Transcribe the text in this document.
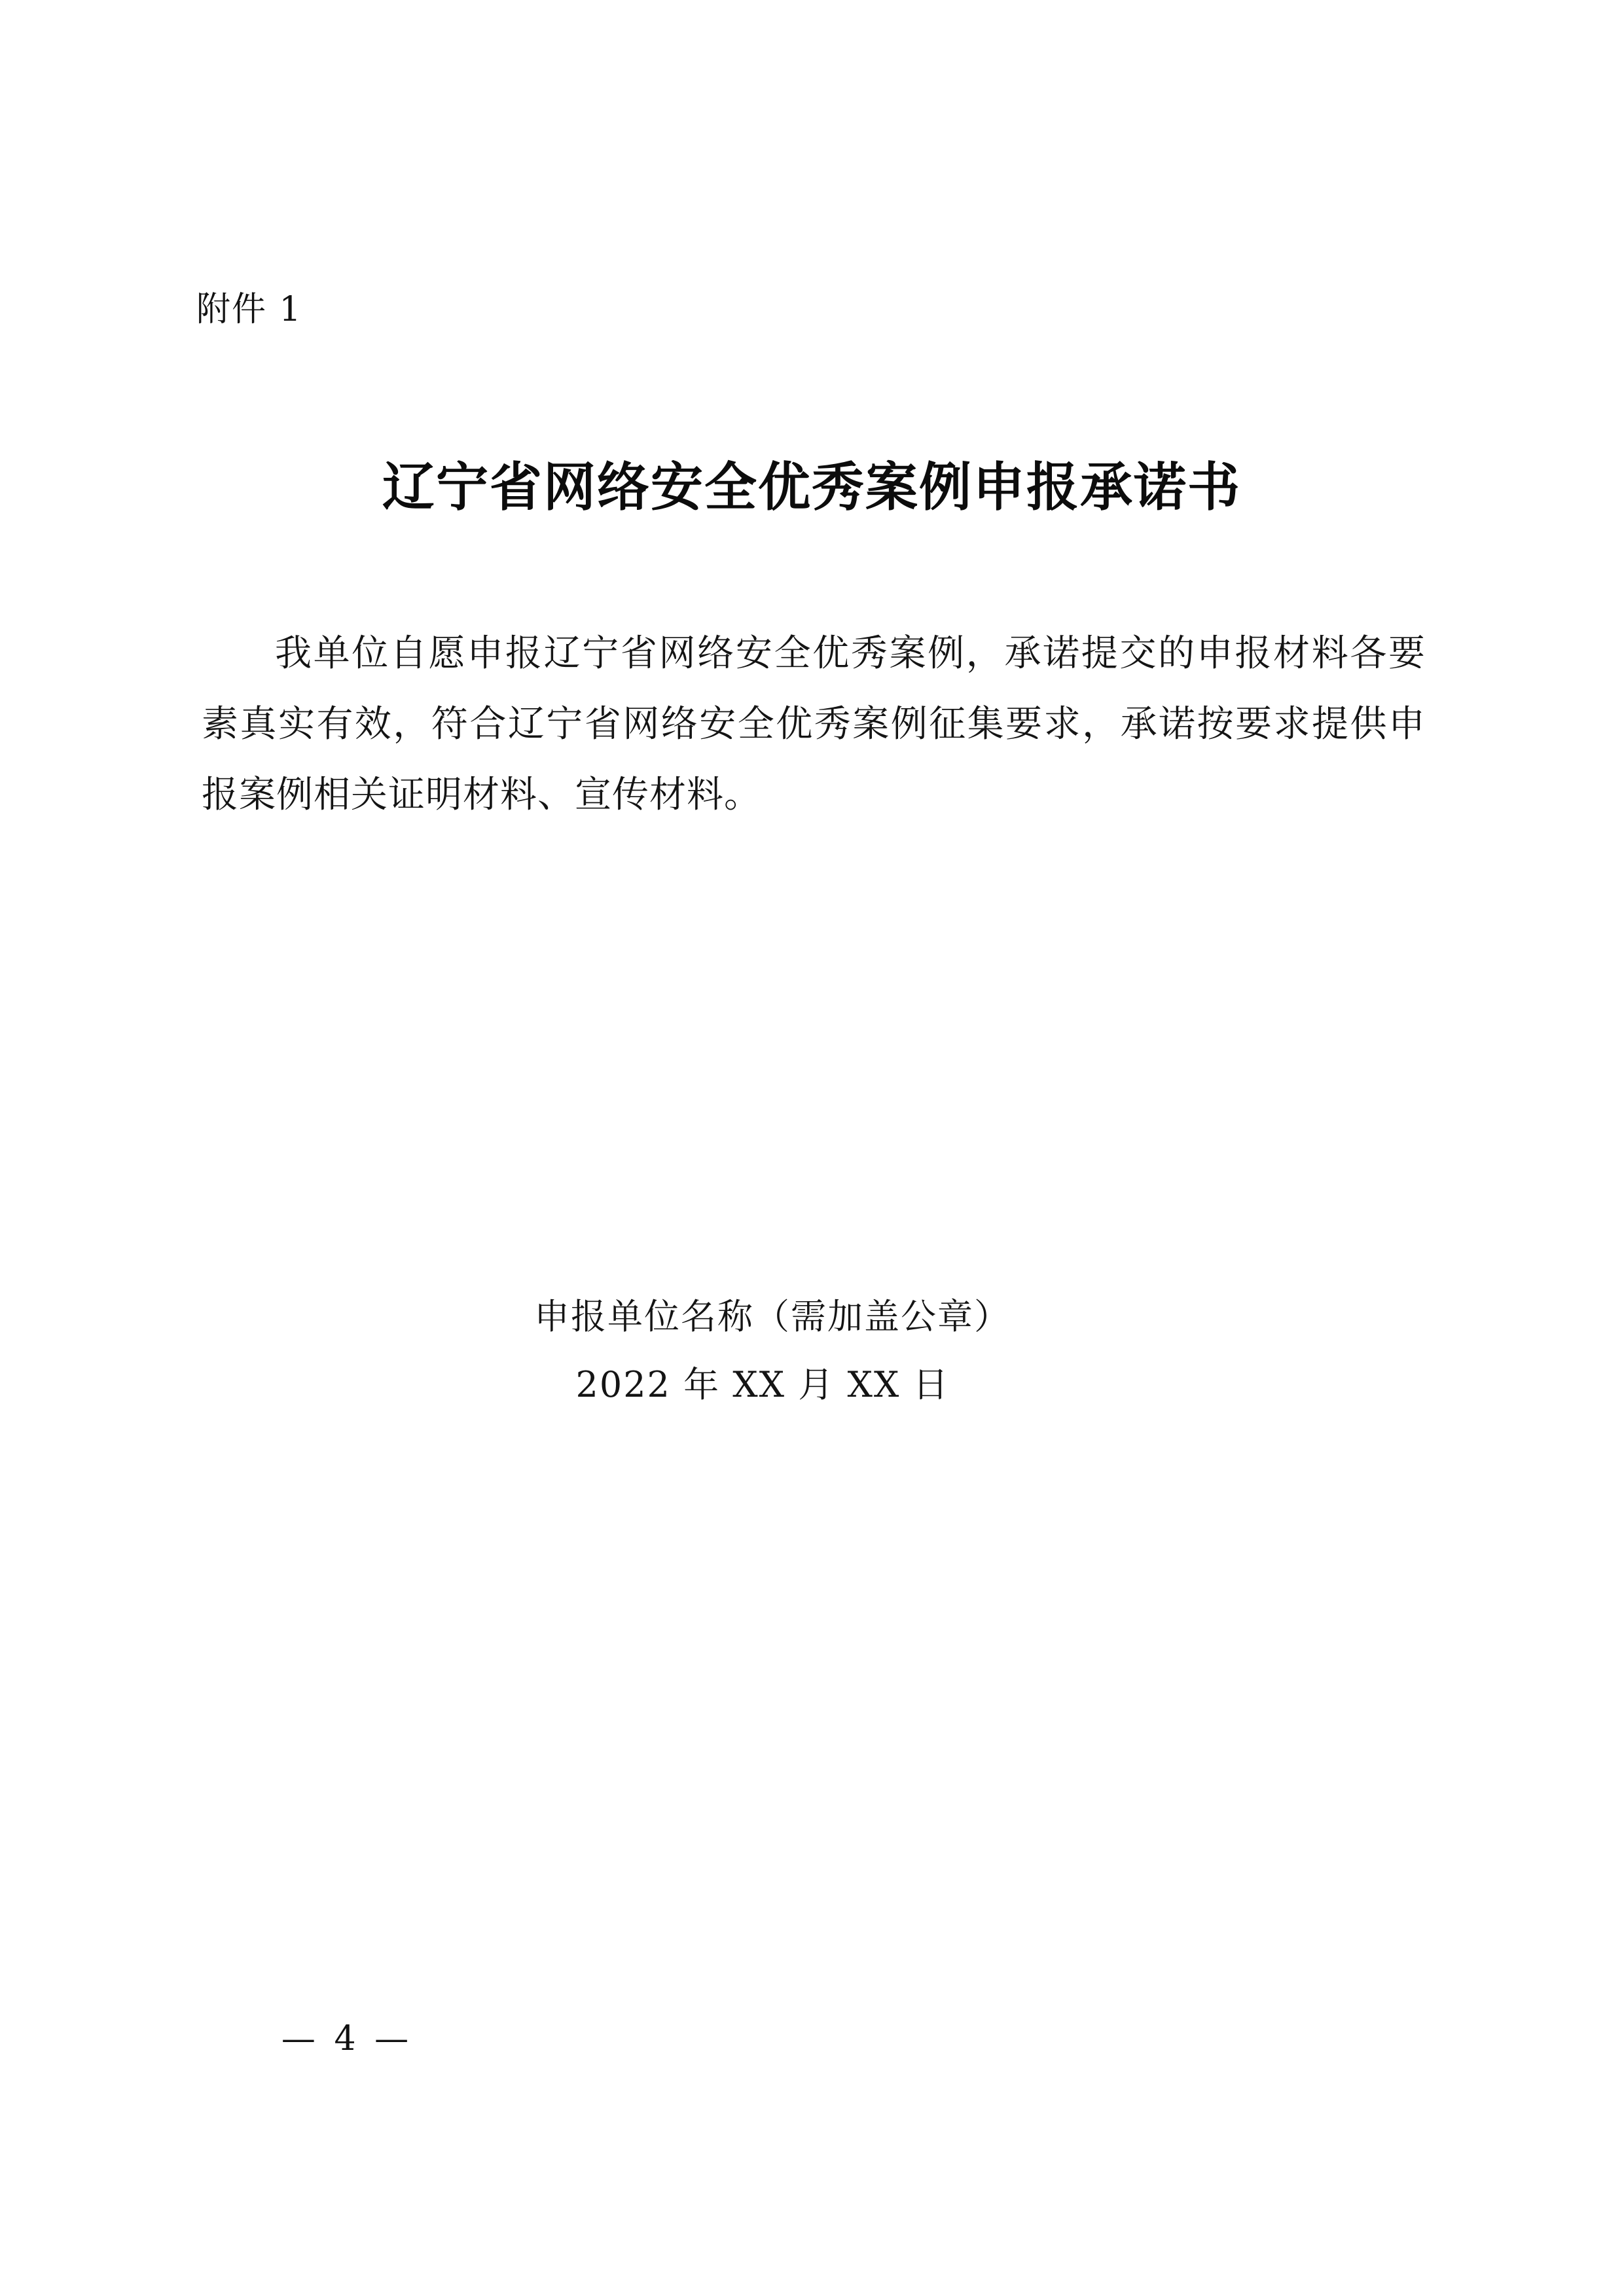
附件 1
辽宁省网络安全优秀案例申报承诺书
我单位自愿申报辽宁省网络安全优秀案例，承诺提交的申报材料各要素真实有效，符合辽宁省网络安全优秀案例征集要求，承诺按要求提供申报案例相关证明材料、宣传材料。
申报单位名称（需加盖公章）
2022 年 XX 月 XX 日
— 4 —
